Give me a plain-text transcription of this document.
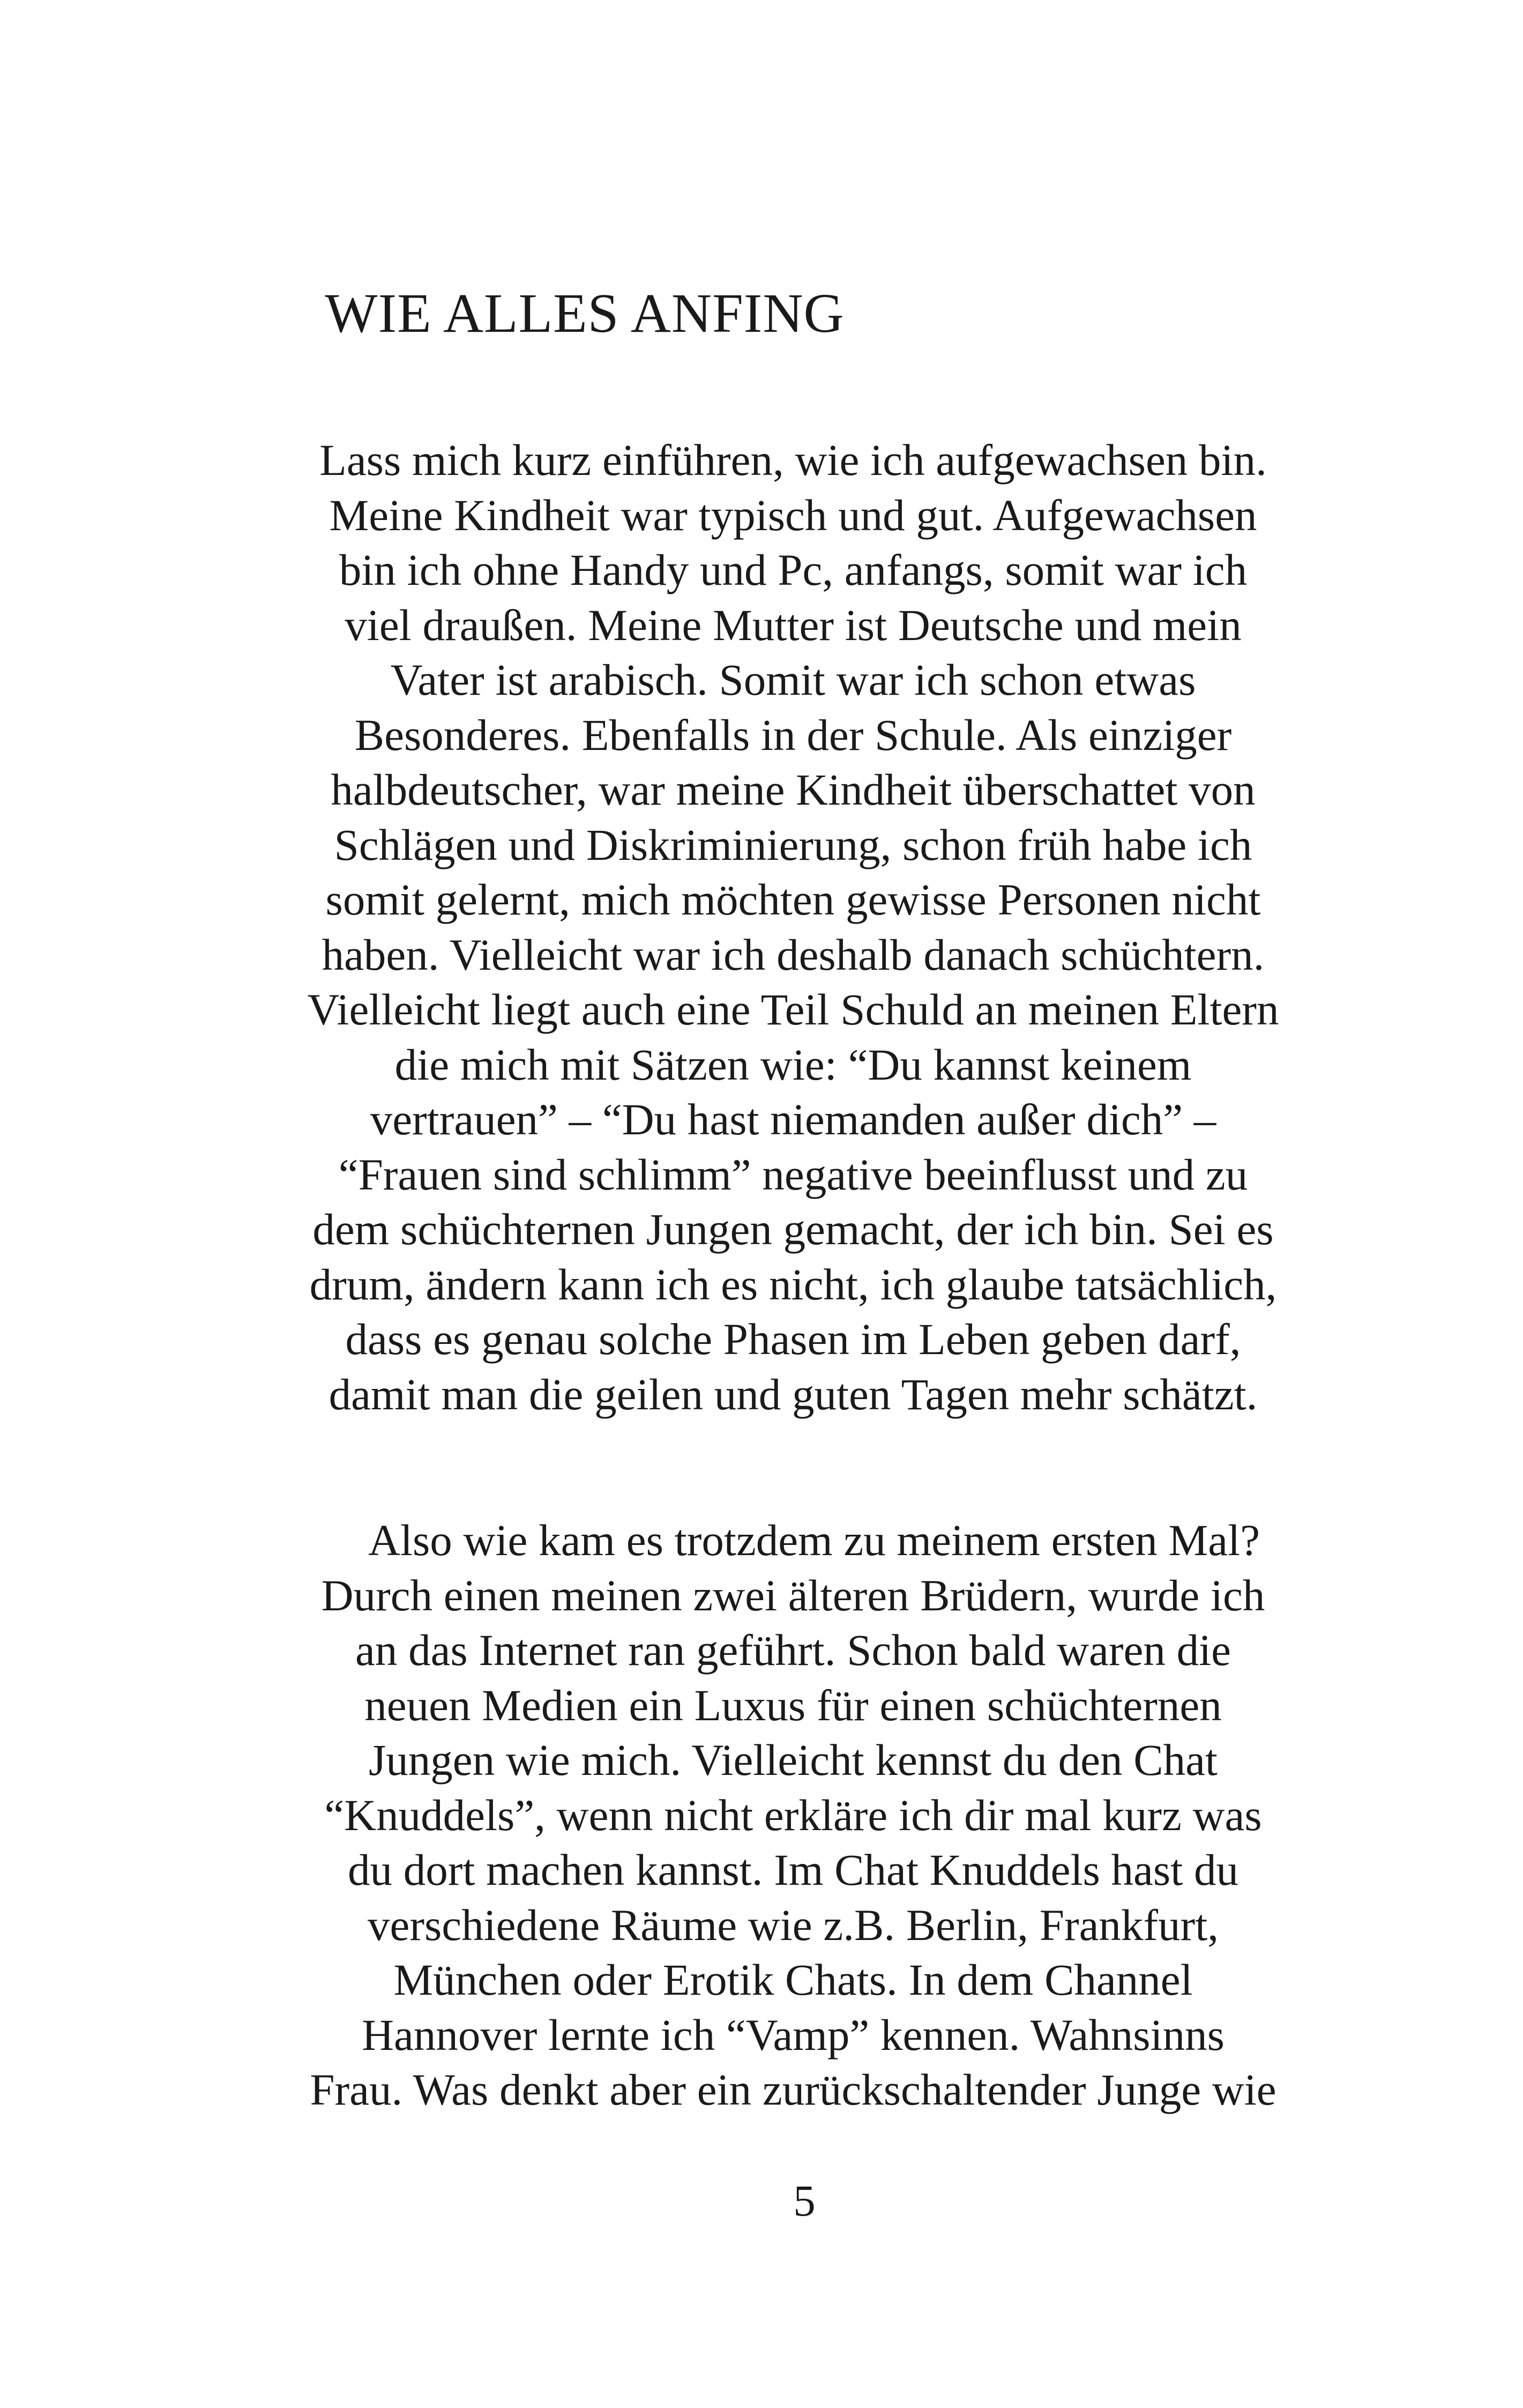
WIE ALLES ANFING

Lass mich kurz einführen, wie ich aufgewachsen bin.
Meine Kindheit war typisch und gut. Aufgewachsen
bin ich ohne Handy und Pc, anfangs, somit war ich
viel draußen. Meine Mutter ist Deutsche und mein
Vater ist arabisch. Somit war ich schon etwas
Besonderes. Ebenfalls in der Schule. Als einziger
halbdeutscher, war meine Kindheit überschattet von
Schlägen und Diskriminierung, schon früh habe ich
somit gelernt, mich möchten gewisse Personen nicht
haben. Vielleicht war ich deshalb danach schüchtern.
Vielleicht liegt auch eine Teil Schuld an meinen Eltern
die mich mit Sätzen wie: “Du kannst keinem
vertrauen” – “Du hast niemanden außer dich” –
“Frauen sind schlimm” negative beeinflusst und zu
dem schüchternen Jungen gemacht, der ich bin. Sei es
drum, ändern kann ich es nicht, ich glaube tatsächlich,
dass es genau solche Phasen im Leben geben darf,
damit man die geilen und guten Tagen mehr schätzt.

Also wie kam es trotzdem zu meinem ersten Mal?
Durch einen meinen zwei älteren Brüdern, wurde ich
an das Internet ran geführt. Schon bald waren die
neuen Medien ein Luxus für einen schüchternen
Jungen wie mich. Vielleicht kennst du den Chat
“Knuddels”, wenn nicht erkläre ich dir mal kurz was
du dort machen kannst. Im Chat Knuddels hast du
verschiedene Räume wie z.B. Berlin, Frankfurt,
München oder Erotik Chats. In dem Channel
Hannover lernte ich “Vamp” kennen. Wahnsinns
Frau. Was denkt aber ein zurückschaltender Junge wie

5
